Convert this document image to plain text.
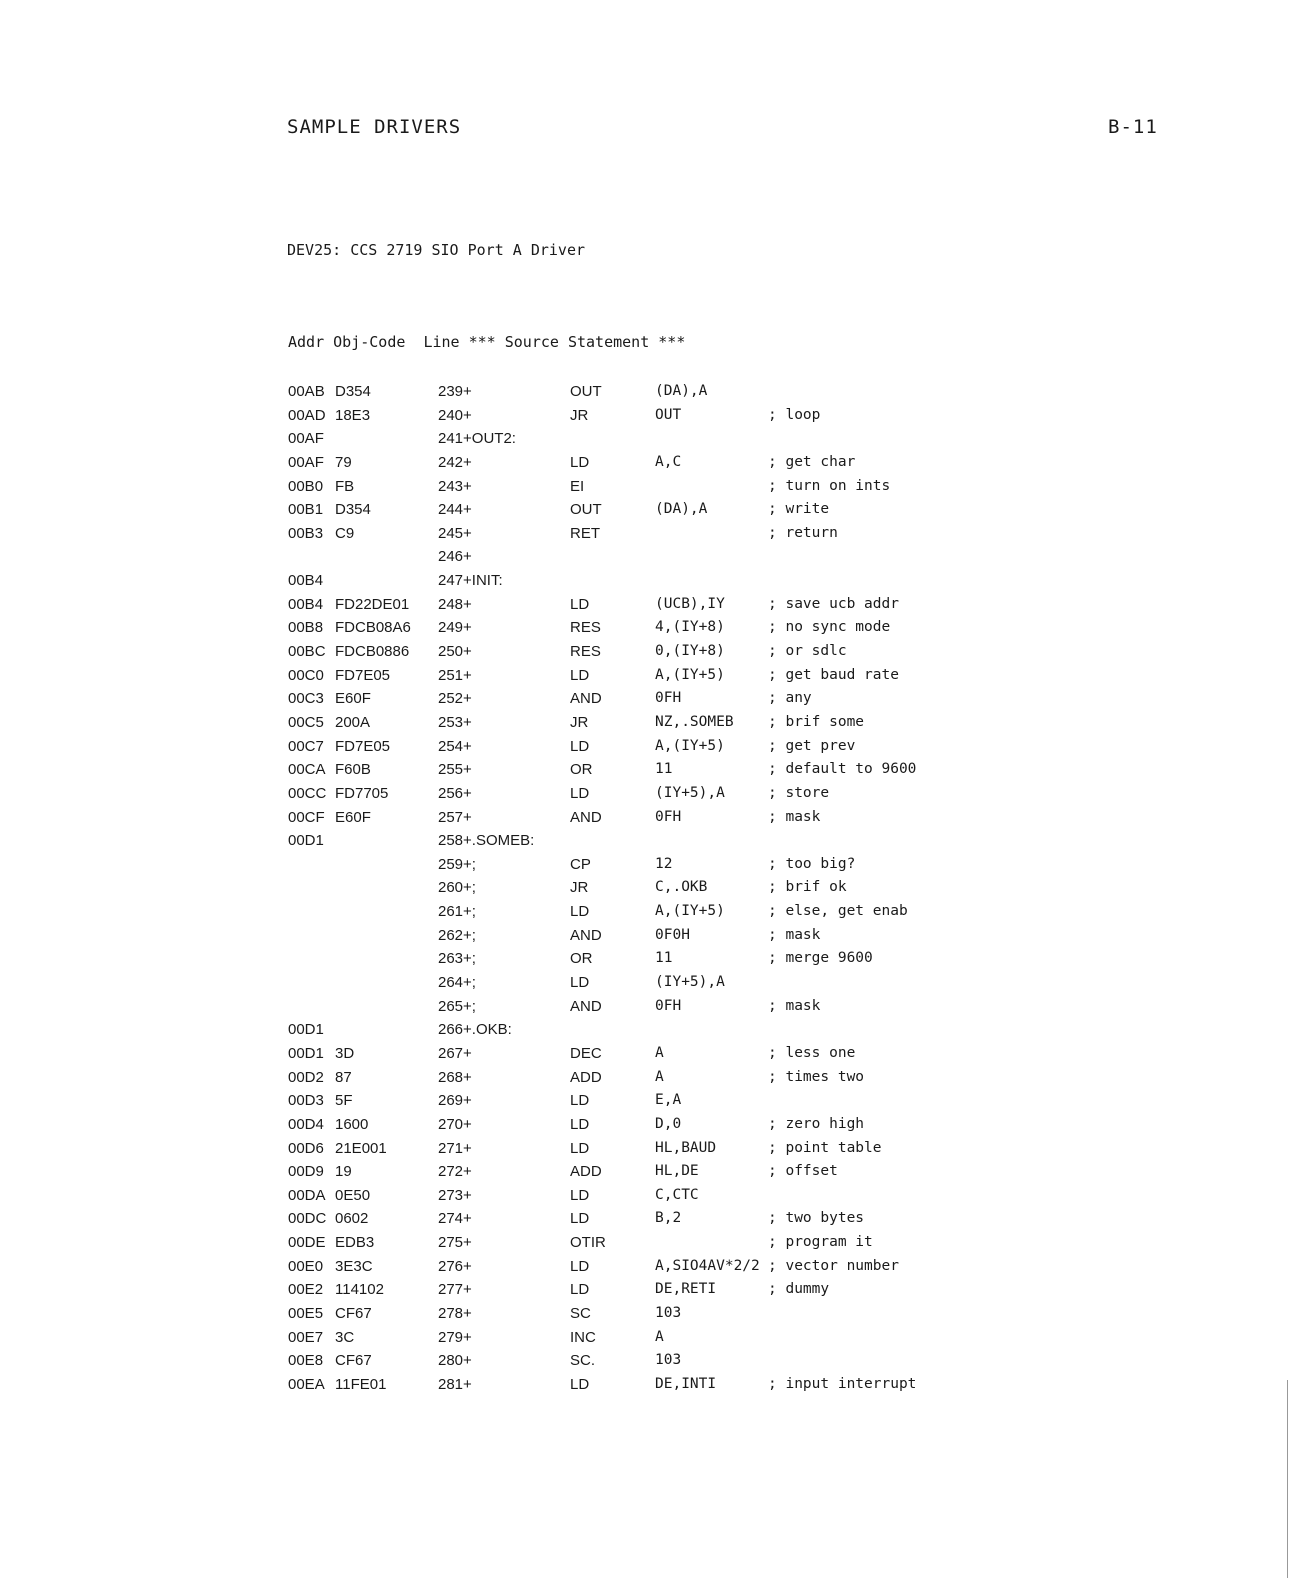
SAMPLE DRIVERS	B-11
DEV25: CCS 2719 SIO Port A Driver
Addr Obj-Code  Line *** Source Statement ***
00AB D354	239+	OUT	(DA),A
00AD 18E3	240+	JR	OUT	; loop
00AF	241+OUT2:
00AF 79	242+	LD	A,C	; get char
00B0 FB	243+	EI	; turn on ints
00B1 D354	244+	OUT	(DA),A	; write
00B3 C9	245+	RET	; return
246+
00B4	247+INIT:
00B4 FD22DE01 248+	LD	(UCB),IY	; save ucb addr
00B8 FDCB08A6 249+	RES	4,(IY+8)	; no sync mode
00BC FDCB0886 250+	RES	0,(IY+8)	; or sdlc
00C0 FD7E05	251+	LD	A,(IY+5)	; get baud rate
00C3 E60F	252+	AND	0FH	; any
00C5 200A	253+	JR	NZ,.SOMEB ; brif some
00C7 FD7E05	254+	LD	A,(IY+5)	; get prev
00CA F60B	255+	OR	11	; default to 9600
00CC FD7705	256+	LD	(IY+5),A	; store
00CF E60F	257+	AND	0FH	; mask
00D1	258+.SOMEB:
259+;	CP	12	; too big?
260+;	JR	C,.OKB	; brif ok
261+;	LD	A,(IY+5)	; else, get enab
262+;	AND	0F0H	; mask
263+;	OR	11	; merge 9600
264+;	LD	(IY+5),A
265+;	AND	0FH	; mask
00D1	266+.OKB:
00D1 3D	267+	DEC	A	; less one
00D2 87	268+	ADD	A	; times two
00D3 5F	269+	LD	E,A
00D4 1600	270+	LD	D,0	; zero high
00D6 21E001	271+	LD	HL,BAUD	; point table
00D9 19	272+	ADD	HL,DE	; offset
00DA 0E50	273+	LD	C,CTC
00DC 0602	274+	LD	B,2	; two bytes
00DE EDB3	275+	OTIR	; program it
00E0 3E3C	276+	LD	A,SIO4AV*2/2 ; vector number
00E2 114102	277+	LD	DE,RETI	; dummy
00E5 CF67	278+	SC	103
00E7 3C	279+	INC	A
00E8 CF67	280+	SC.	103
00EA 11FE01	281+	LD	DE,INTI	; input interrupt
